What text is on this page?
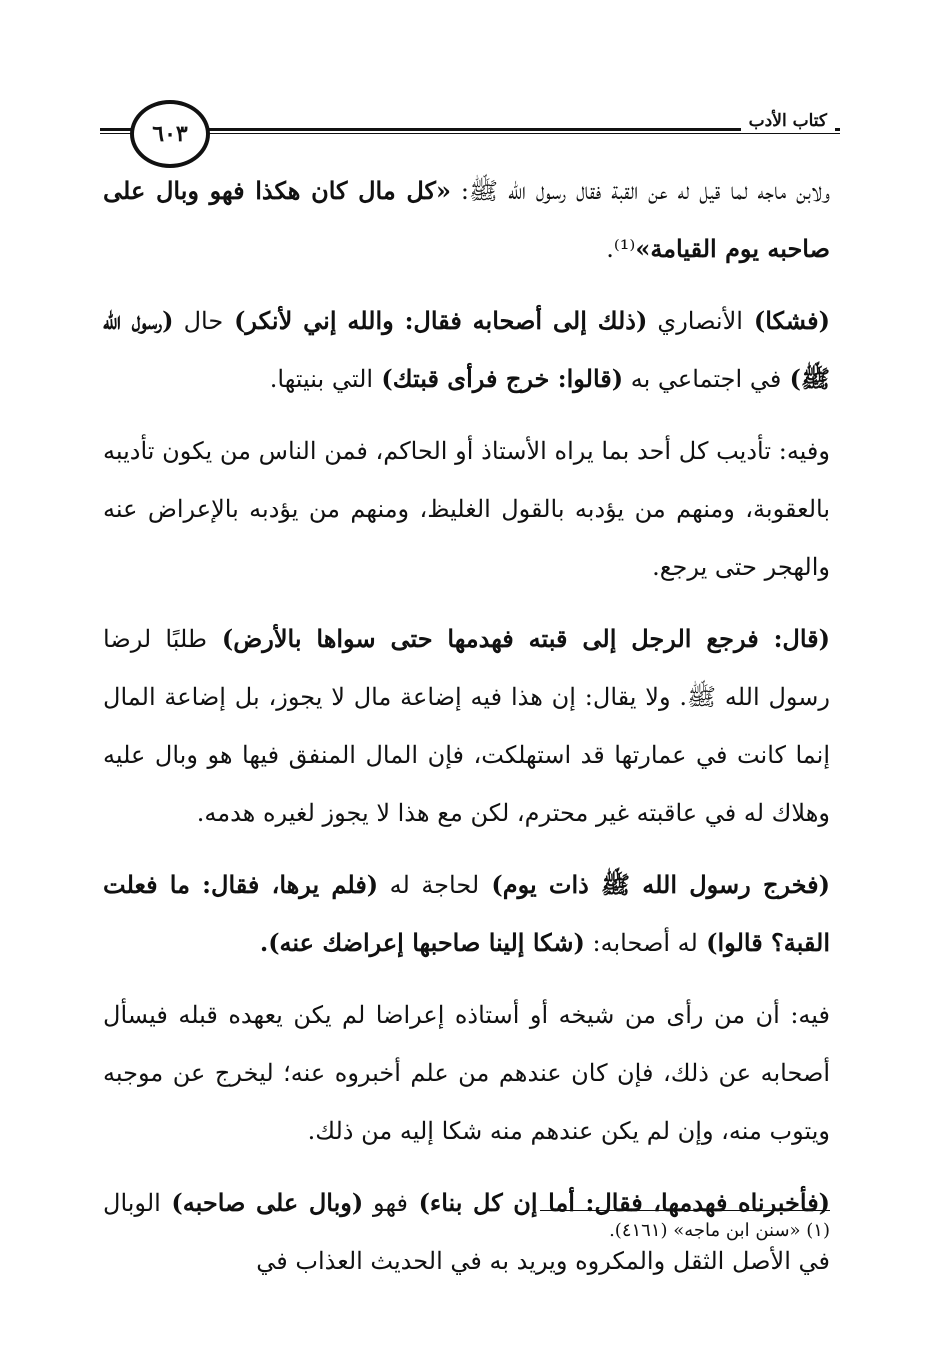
كتاب الأدب
٦٠٣

ولابن ماجه لما قيل له عن القبة فقال رسول الله ﷺ: «كل مال كان هكذا فهو وبال على صاحبه يوم القيامة»⁽¹⁾.

(فشكا) الأنصاري (ذلك إلى أصحابه فقال: والله إني لأنكر) حال (رسول الله ﷺ) في اجتماعي به (قالوا: خرج فرأى قبتك) التي بنيتها.

وفيه: تأديب كل أحد بما يراه الأستاذ أو الحاكم، فمن الناس من يكون تأديبه بالعقوبة، ومنهم من يؤدبه بالقول الغليظ، ومنهم من يؤدبه بالإعراض عنه والهجر حتى يرجع.

(قال: فرجع الرجل إلى قبته فهدمها حتى سواها بالأرض) طلبًا لرضا رسول الله ﷺ. ولا يقال: إن هذا فيه إضاعة مال لا يجوز، بل إضاعة المال إنما كانت في عمارتها قد استهلكت، فإن المال المنفق فيها هو وبال عليه وهلاك له في عاقبته غير محترم، لكن مع هذا لا يجوز لغيره هدمه.

(فخرج رسول الله ﷺ ذات يوم) لحاجة له (فلم يرها، فقال: ما فعلت القبة؟ قالوا) له أصحابه: (شكا إلينا صاحبها إعراضك عنه).

فيه: أن من رأى من شيخه أو أستاذه إعراضا لم يكن يعهده قبله فيسأل أصحابه عن ذلك، فإن كان عندهم من علم أخبروه عنه؛ ليخرج عن موجبه ويتوب منه، وإن لم يكن عندهم منه شكا إليه من ذلك.

(فأخبرناه فهدمها، فقال: أما إن كل بناء) فهو (وبال على صاحبه) الوبال في الأصل الثقل والمكروه ويريد به في الحديث العذاب في

(١) «سنن ابن ماجه» (٤١٦١).
